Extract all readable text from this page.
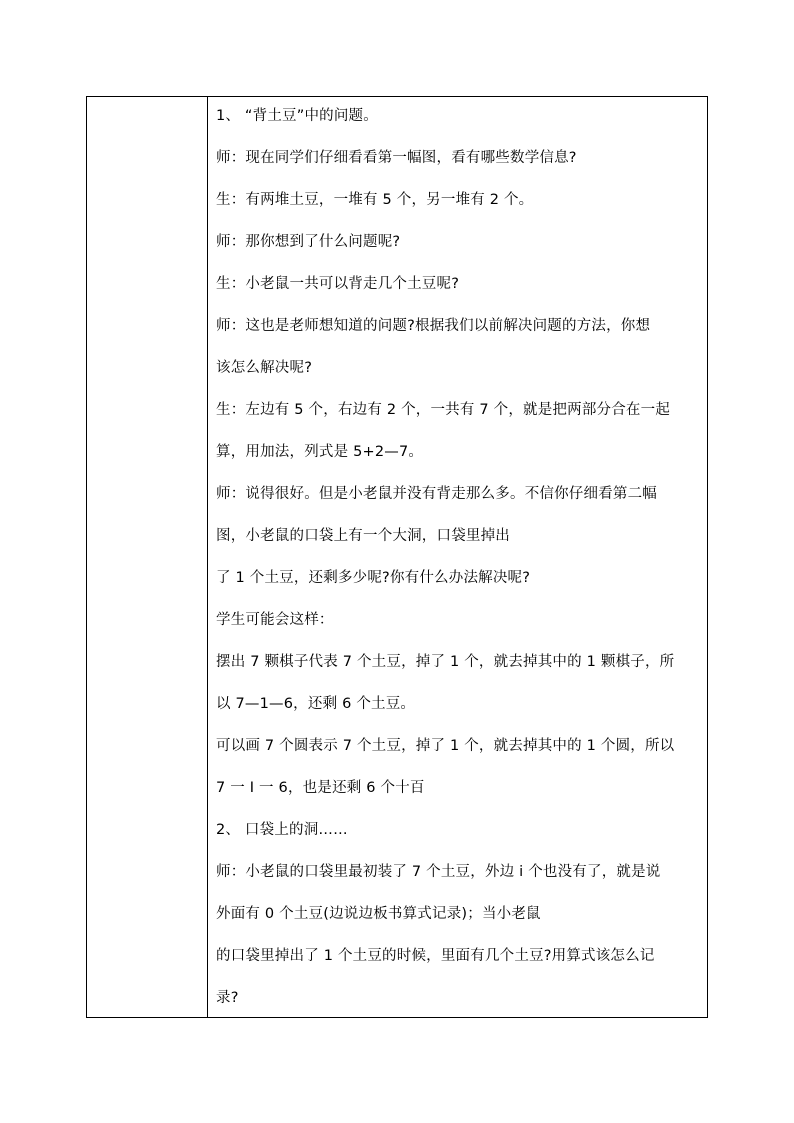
1、 “背土豆”中的问题。
师：现在同学们仔细看看第一幅图，看有哪些数学信息?
生：有两堆土豆，一堆有 5 个，另一堆有 2 个。
师：那你想到了什么问题呢?
生：小老鼠一共可以背走几个土豆呢?
师：这也是老师想知道的问题?根据我们以前解决问题的方法，你想
该怎么解决呢?
生：左边有 5 个，右边有 2 个，一共有 7 个，就是把两部分合在一起
算，用加法，列式是 5+2—7。
师：说得很好。但是小老鼠并没有背走那么多。不信你仔细看第二幅
图，小老鼠的口袋上有一个大洞，口袋里掉出
了 1 个土豆，还剩多少呢?你有什么办法解决呢?
学生可能会这样：
摆出 7 颗棋子代表 7 个土豆，掉了 1 个，就去掉其中的 1 颗棋子，所
以 7—1—6，还剩 6 个土豆。
可以画 7 个圆表示 7 个土豆，掉了 1 个，就去掉其中的 1 个圆，所以
7 一 I 一 6，也是还剩 6 个十百
2、 口袋上的洞……
师：小老鼠的口袋里最初装了 7 个土豆，外边 i 个也没有了，就是说
外面有 0 个土豆(边说边板书算式记录)；当小老鼠
的口袋里掉出了 1 个土豆的时候，里面有几个土豆?用算式该怎么记
录?
